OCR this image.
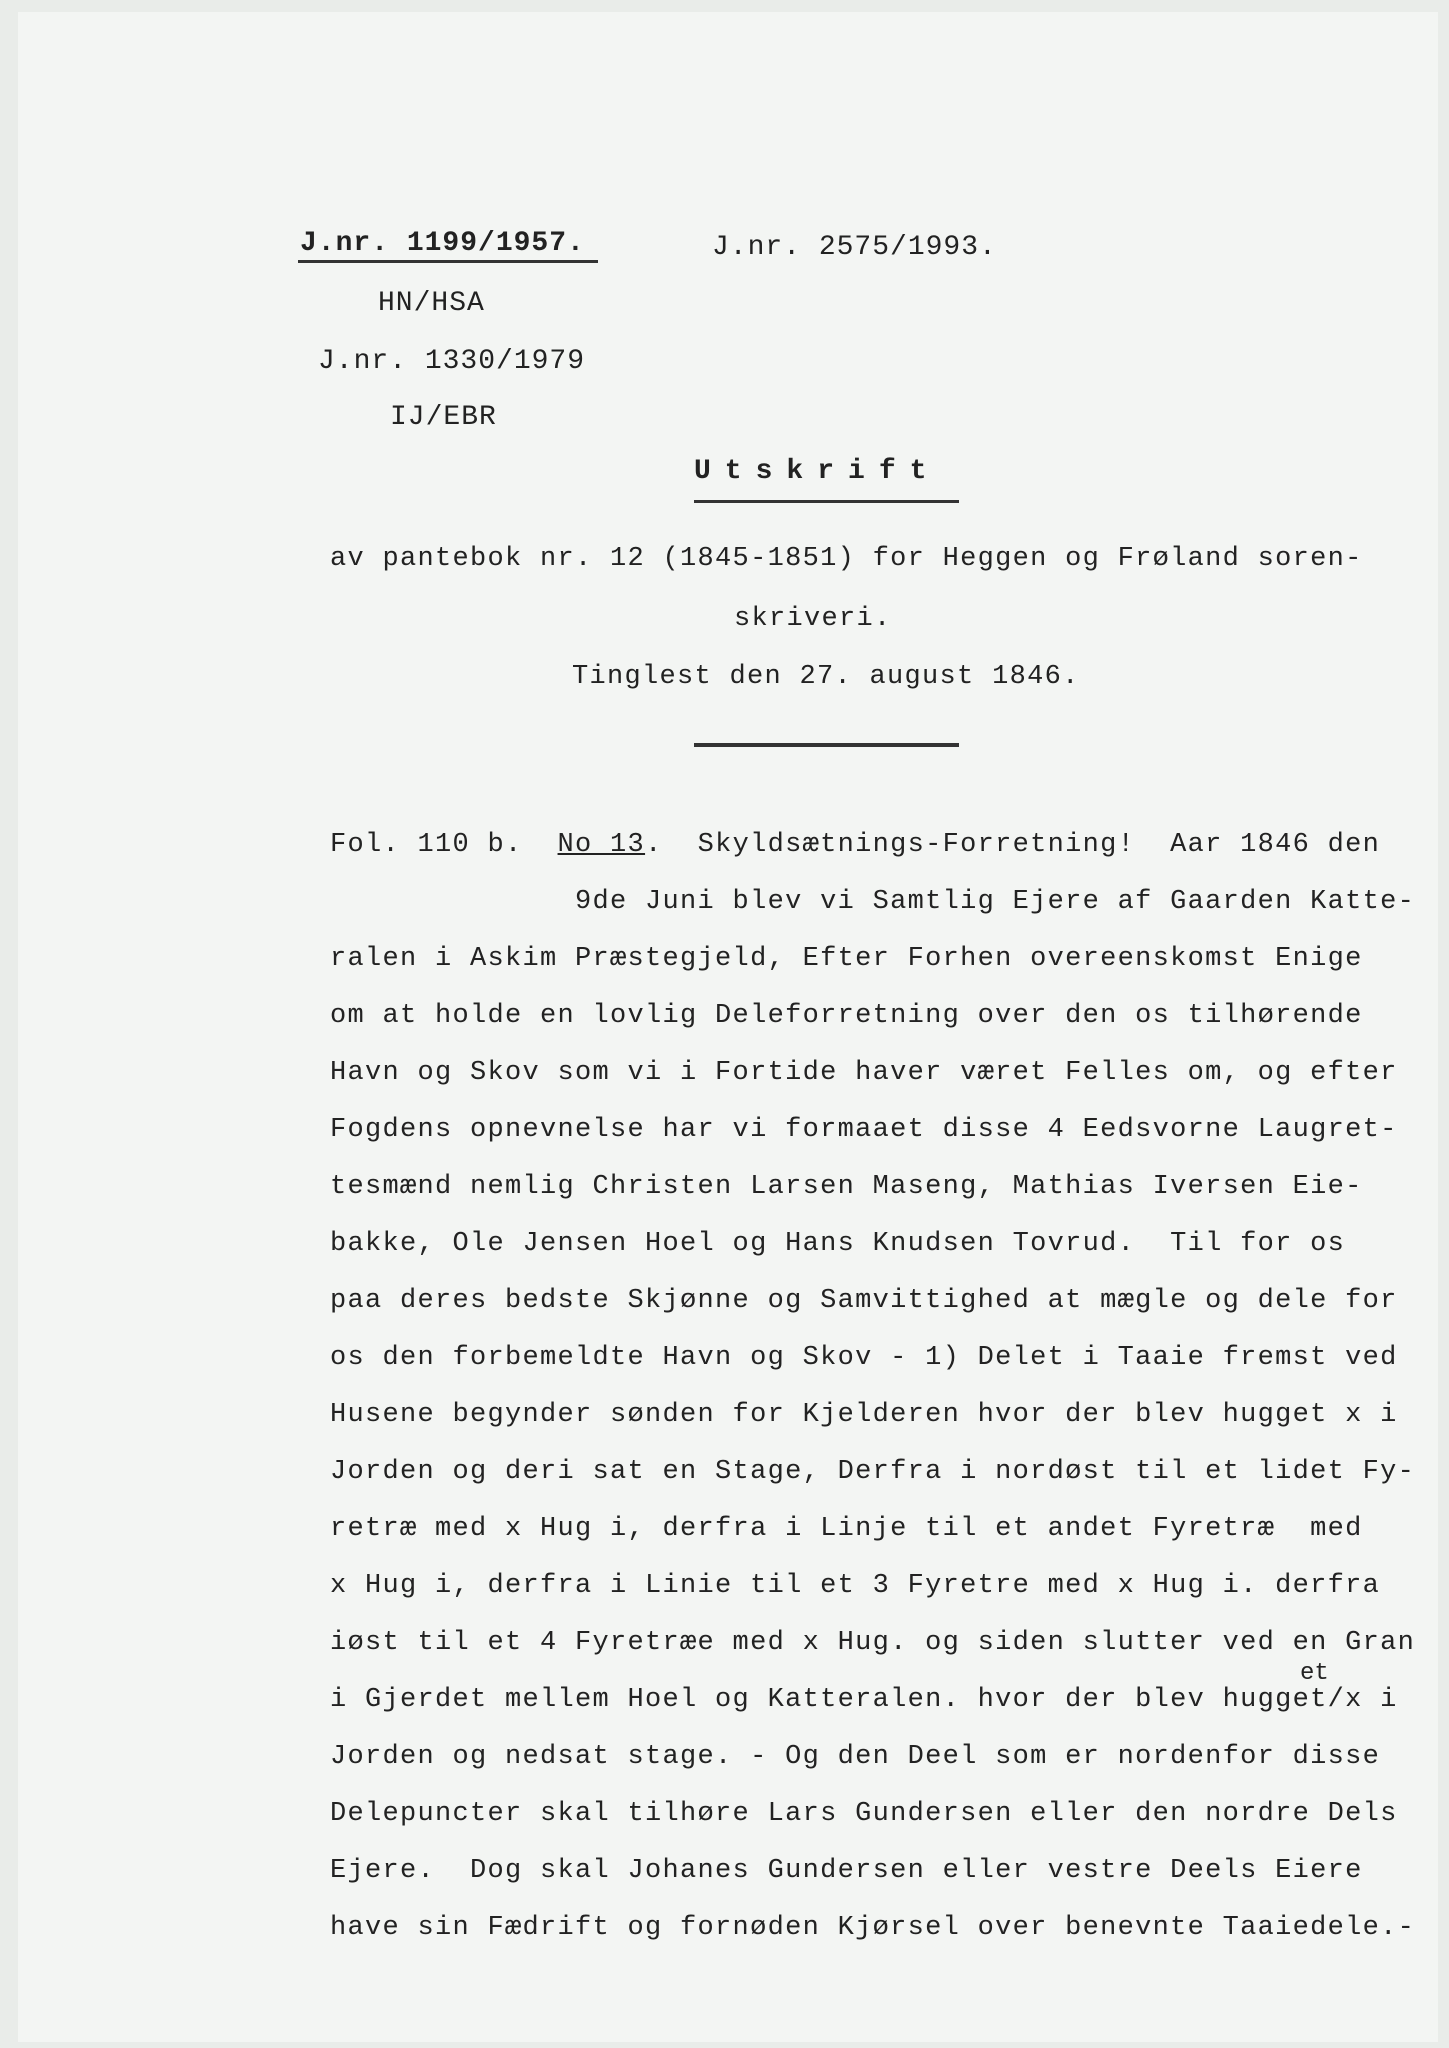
J.nr. 1199/1957.	J.nr. 2575/1993.
HN/HSA
J.nr. 1330/1979
IJ/EBR
Utskrift
av pantebok nr. 12 (1845-1851) for Heggen og Frøland soren-
skriveri.
Tinglest den 27. august 1846.
Fol. 110 b.  No 13.  Skyldsætnings-Forretning!  Aar 1846 den
9de Juni blev vi Samtlig Ejere af Gaarden Katte-
ralen i Askim Præstegjeld, Efter Forhen overeenskomst Enige
om at holde en lovlig Deleforretning over den os tilhørende
Havn og Skov som vi i Fortide haver været Felles om, og efter
Fogdens opnevnelse har vi formaaet disse 4 Eedsvorne Laugret-
tesmænd nemlig Christen Larsen Maseng, Mathias Iversen Eie-
bakke, Ole Jensen Hoel og Hans Knudsen Tovrud.  Til for os
paa deres bedste Skjønne og Samvittighed at mægle og dele for
os den forbemeldte Havn og Skov - 1) Delet i Taaie fremst ved
Husene begynder sønden for Kjelderen hvor der blev hugget x i
Jorden og deri sat en Stage, Derfra i nordøst til et lidet Fy-
retræ med x Hug i, derfra i Linje til et andet Fyretræ  med
x Hug i, derfra i Linie til et 3 Fyretre med x Hug i. derfra
iøst til et 4 Fyretræe med x Hug. og siden slutter ved en Gran
et
i Gjerdet mellem Hoel og Katteralen. hvor der blev hugget/x i
Jorden og nedsat stage. - Og den Deel som er nordenfor disse
Delepuncter skal tilhøre Lars Gundersen eller den nordre Dels
Ejere.  Dog skal Johanes Gundersen eller vestre Deels Eiere
have sin Fædrift og fornøden Kjørsel over benevnte Taaiedele.-
